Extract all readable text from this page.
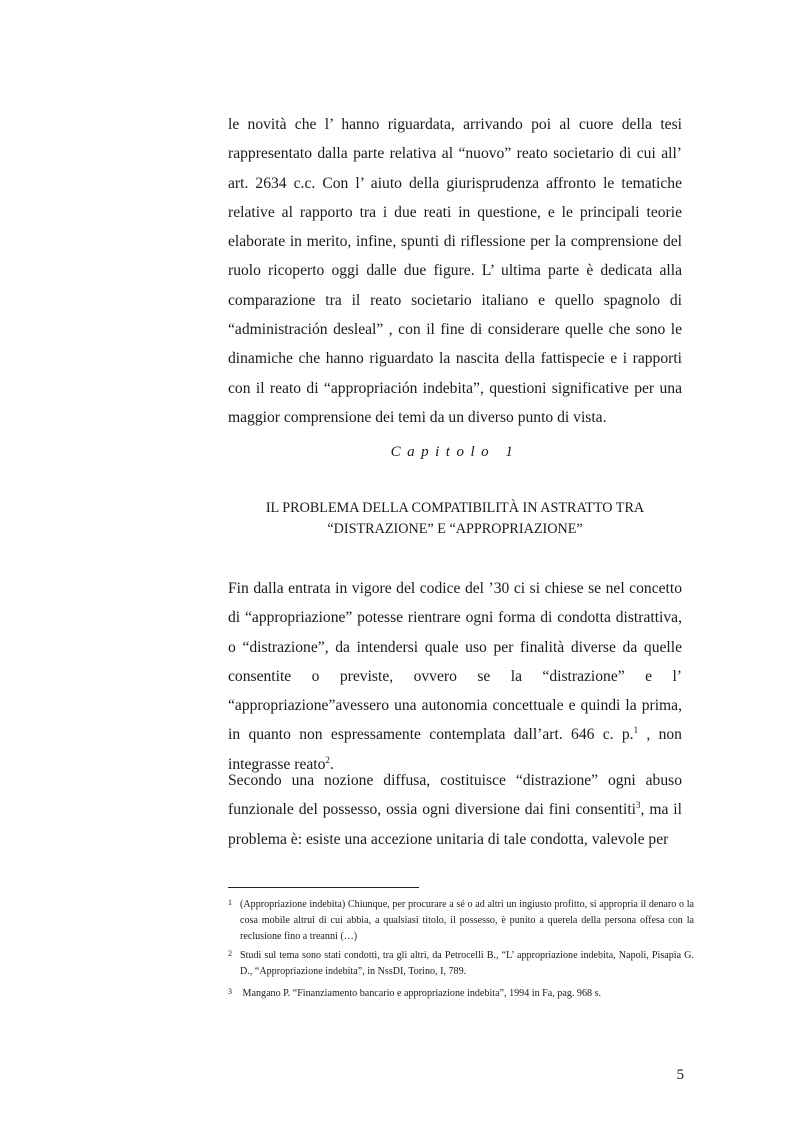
le novità che l’ hanno riguardata, arrivando poi al cuore della tesi rappresentato dalla parte relativa al “nuovo” reato societario di cui all’ art. 2634 c.c. Con l’ aiuto della giurisprudenza affronto le tematiche relative al rapporto tra i due reati in questione, e le principali teorie elaborate in merito, infine, spunti di riflessione per la comprensione del ruolo ricoperto oggi dalle due figure. L’ ultima parte è dedicata alla comparazione tra il reato societario italiano e quello spagnolo di “administración desleal” , con il fine di considerare quelle che sono le dinamiche che hanno riguardato la nascita della fattispecie e i rapporti con il reato di “appropriación indebita”, questioni significative per una maggior comprensione dei temi da un diverso punto di vista.

Capitolo 1

IL PROBLEMA DELLA COMPATIBILITÀ IN ASTRATTO TRA
“DISTRAZIONE” E “APPROPRIAZIONE”

Fin dalla entrata in vigore del codice del ’30 ci si chiese se nel concetto di “appropriazione” potesse rientrare ogni forma di condotta distrattiva, o “distrazione”, da intendersi quale uso per finalità diverse da quelle consentite o previste, ovvero se la “distrazione” e l’ “appropriazione”avessero una autonomia concettuale e quindi la prima, in quanto non espressamente contemplata dall’art. 646 c. p.$^1$ , non integrasse reato$^2$.

Secondo una nozione diffusa, costituisce “distrazione” ogni abuso funzionale del possesso, ossia ogni diversione dai fini consentiti$^3$, ma il problema è: esiste una accezione unitaria di tale condotta, valevole per

1 (Appropriazione indebita) Chiunque, per procurare a sé o ad altri un ingiusto profitto, si appropria il denaro o la cosa mobile altrui di cui abbia, a qualsiasi titolo, il possesso, è punito a querela della persona offesa con la reclusione fino a treanni (…)

2 Studi sul tema sono stati condotti, tra gli altri, da Petrocelli B., “L’ appropriazione indebita, Napoli, Pisapia G. D., “Appropriazione indebita”, in NssDI, Torino, I, 789.

3 Mangano P. “Finanziamento bancario e appropriazione indebita”, 1994 in Fa, pag. 968 s.

5
